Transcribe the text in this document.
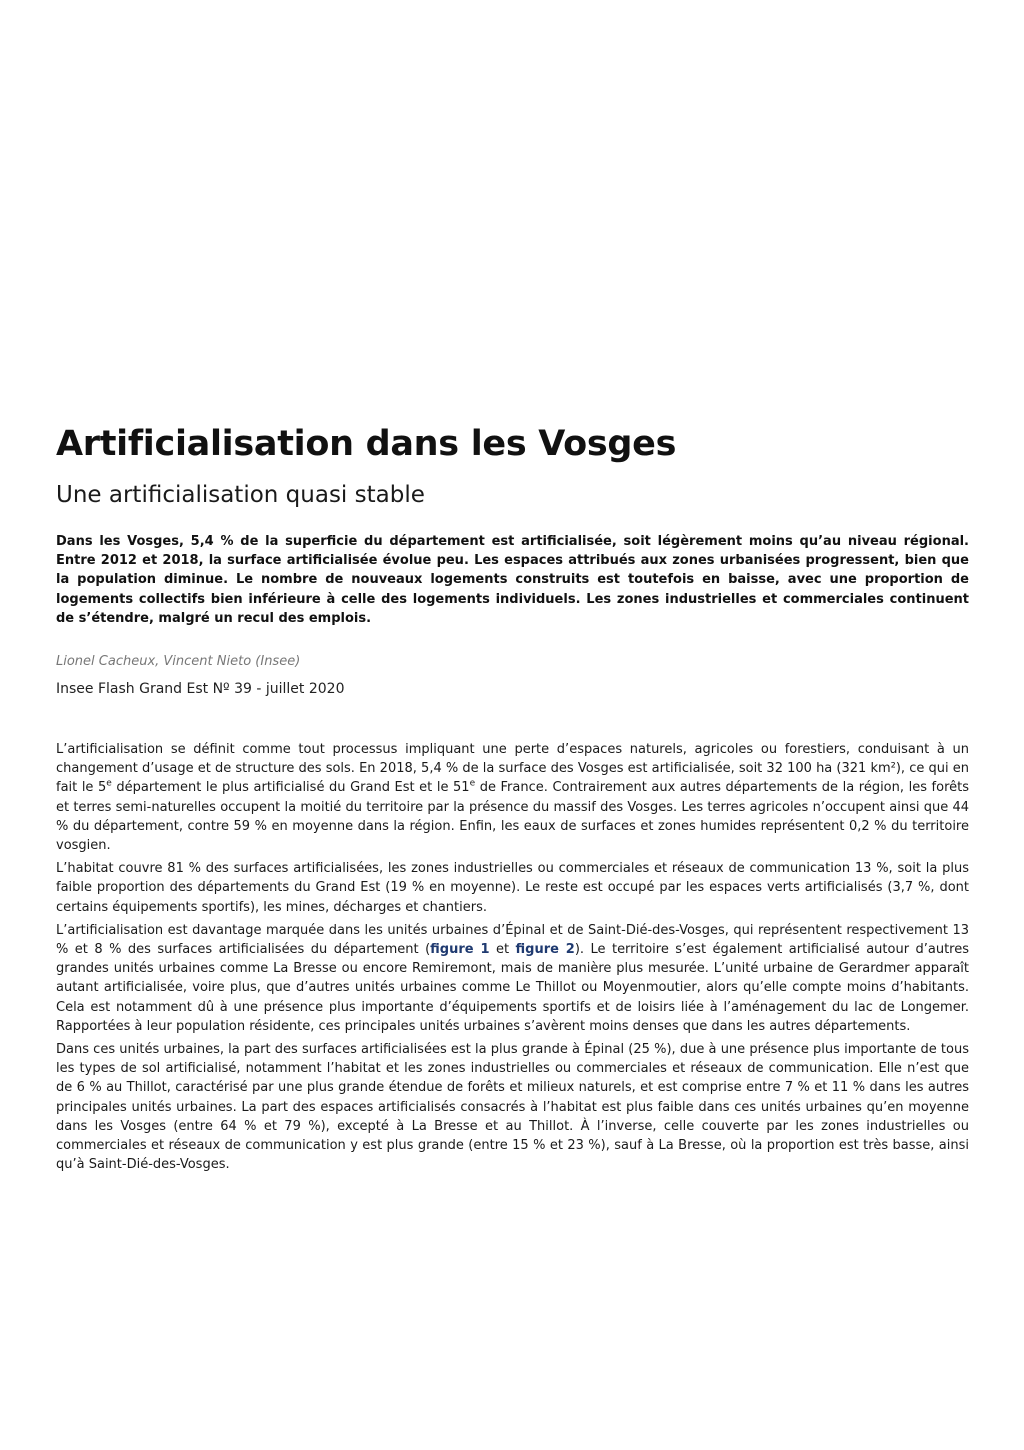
Artificialisation dans les Vosges
Une artificialisation quasi stable

Dans les Vosges, 5,4 % de la superficie du département est artificialisée, soit légèrement moins qu’au niveau régional. Entre 2012 et 2018, la surface artificialisée évolue peu. Les espaces attribués aux zones urbanisées progressent, bien que la population diminue. Le nombre de nouveaux logements construits est toutefois en baisse, avec une proportion de logements collectifs bien inférieure à celle des logements individuels. Les zones industrielles et commerciales continuent de s’étendre, malgré un recul des emplois.

Lionel Cacheux, Vincent Nieto (Insee)

Insee Flash Grand Est Nº 39 - juillet 2020

L’artificialisation se définit comme tout processus impliquant une perte d’espaces naturels, agricoles ou forestiers, conduisant à un changement d’usage et de structure des sols. En 2018, 5,4 % de la surface des Vosges est artificialisée, soit 32 100 ha (321 km²), ce qui en fait le 5e département le plus artificialisé du Grand Est et le 51e de France. Contrairement aux autres départements de la région, les forêts et terres semi-naturelles occupent la moitié du territoire par la présence du massif des Vosges. Les terres agricoles n’occupent ainsi que 44 % du département, contre 59 % en moyenne dans la région. Enfin, les eaux de surfaces et zones humides représentent 0,2 % du territoire vosgien.

L’habitat couvre 81 % des surfaces artificialisées, les zones industrielles ou commerciales et réseaux de communication 13 %, soit la plus faible proportion des départements du Grand Est (19 % en moyenne). Le reste est occupé par les espaces verts artificialisés (3,7 %, dont certains équipements sportifs), les mines, décharges et chantiers.

L’artificialisation est davantage marquée dans les unités urbaines d’Épinal et de Saint-Dié-des-Vosges, qui représentent respectivement 13 % et 8 % des surfaces artificialisées du département (figure 1 et figure 2). Le territoire s’est également artificialisé autour d’autres grandes unités urbaines comme La Bresse ou encore Remiremont, mais de manière plus mesurée. L’unité urbaine de Gerardmer apparaît autant artificialisée, voire plus, que d’autres unités urbaines comme Le Thillot ou Moyenmoutier, alors qu’elle compte moins d’habitants. Cela est notamment dû à une présence plus importante d’équipements sportifs et de loisirs liée à l’aménagement du lac de Longemer. Rapportées à leur population résidente, ces principales unités urbaines s’avèrent moins denses que dans les autres départements.

Dans ces unités urbaines, la part des surfaces artificialisées est la plus grande à Épinal (25 %), due à une présence plus importante de tous les types de sol artificialisé, notamment l’habitat et les zones industrielles ou commerciales et réseaux de communication. Elle n’est que de 6 % au Thillot, caractérisé par une plus grande étendue de forêts et milieux naturels, et est comprise entre 7 % et 11 % dans les autres principales unités urbaines. La part des espaces artificialisés consacrés à l’habitat est plus faible dans ces unités urbaines qu’en moyenne dans les Vosges (entre 64 % et 79 %), excepté à La Bresse et au Thillot. À l’inverse, celle couverte par les zones industrielles ou commerciales et réseaux de communication y est plus grande (entre 15 % et 23 %), sauf à La Bresse, où la proportion est très basse, ainsi qu’à Saint-Dié-des-Vosges.
